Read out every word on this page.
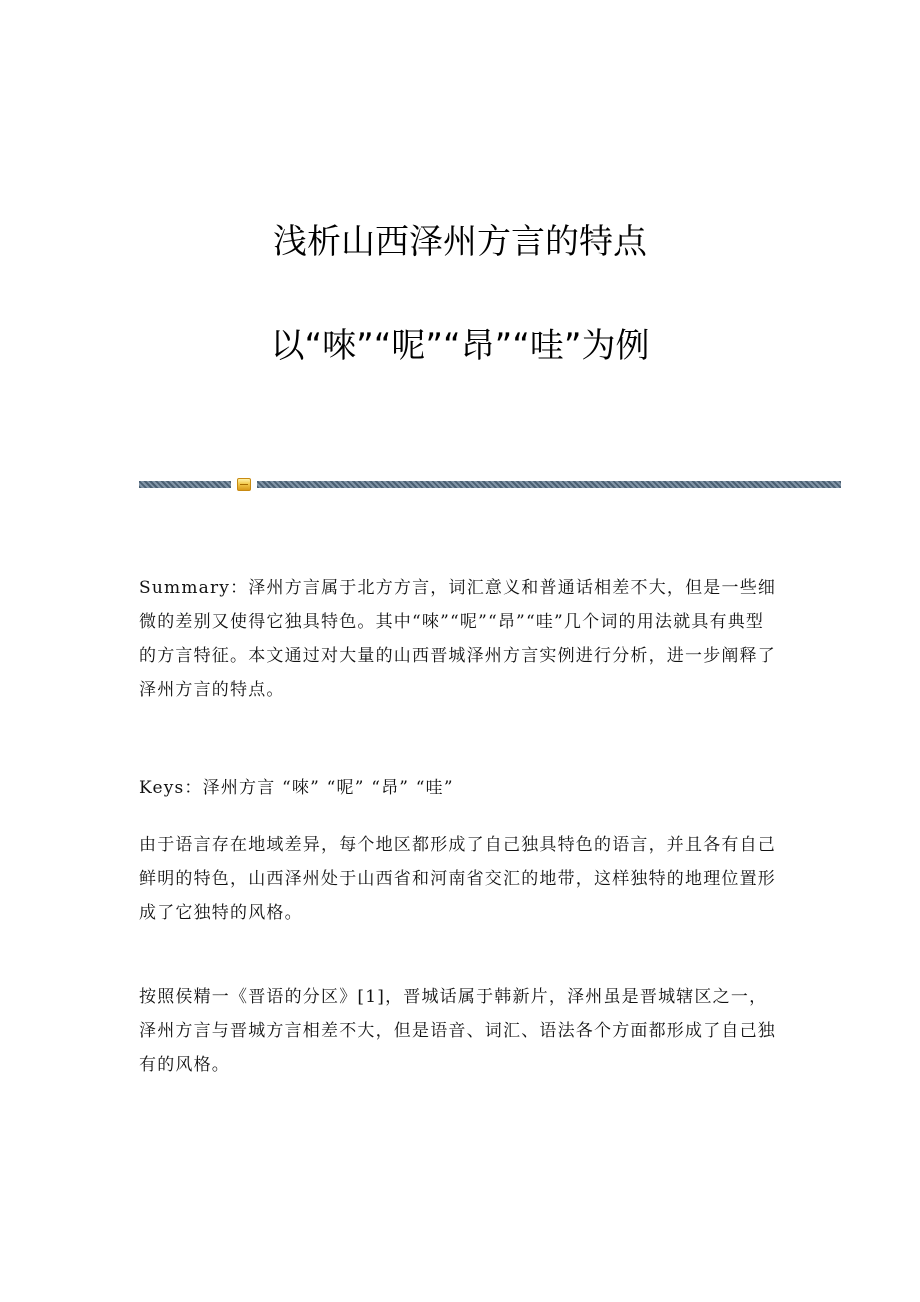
浅析山西泽州方言的特点
以“唻”“呢”“昂”“哇”为例

Summary：泽州方言属于北方方言，词汇意义和普通话相差不大，但是一些细微的差别又使得它独具特色。其中“唻”“呢”“昂”“哇”几个词的用法就具有典型的方言特征。本文通过对大量的山西晋城泽州方言实例进行分析，进一步阐释了泽州方言的特点。

Keys：泽州方言 “唻” “呢” “昂” “哇”

由于语言存在地域差异，每个地区都形成了自己独具特色的语言，并且各有自己鲜明的特色，山西泽州处于山西省和河南省交汇的地带，这样独特的地理位置形成了它独特的风格。

按照侯精一《晋语的分区》[1]，晋城话属于韩新片，泽州虽是晋城辖区之一，泽州方言与晋城方言相差不大，但是语音、词汇、语法各个方面都形成了自己独有的风格。
